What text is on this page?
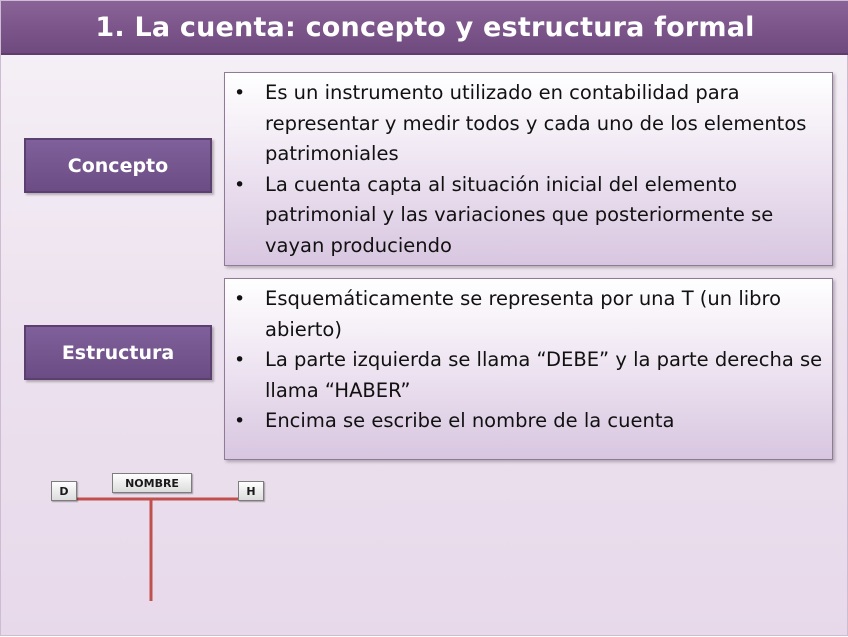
1. La cuenta: concepto y estructura formal
Concepto
• Es un instrumento utilizado en contabilidad para representar y medir todos y cada uno de los elementos patrimoniales
• La cuenta capta al situación inicial del elemento patrimonial y las variaciones que posteriormente se vayan produciendo
Estructura
• Esquemáticamente se representa por una T (un libro abierto)
• La parte izquierda se llama “DEBE” y la parte derecha se llama “HABER”
• Encima se escribe el nombre de la cuenta
NOMBRE
D	H
